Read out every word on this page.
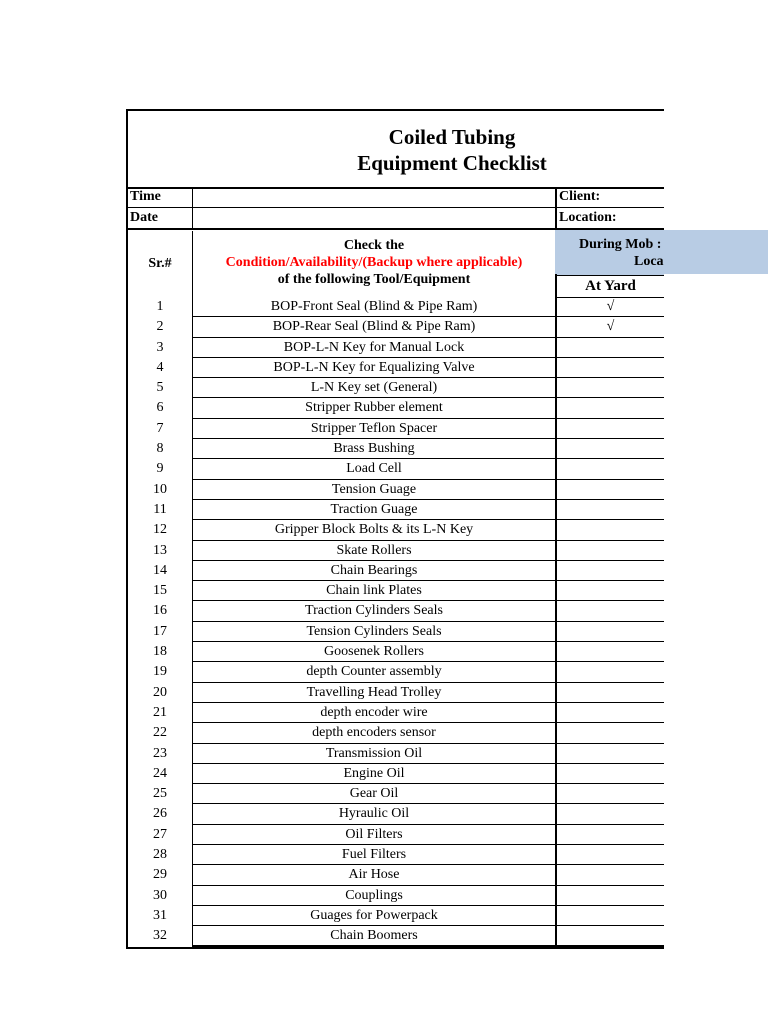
Coiled Tubing
Equipment Checklist
Time	Client:
Date	Location:
Sr.#
Check the
Condition/Availability/(Backup where applicable)
of the following Tool/Equipment	At Yard
1	BOP-Front Seal (Blind & Pipe Ram)	√
2	BOP-Rear Seal (Blind & Pipe Ram)	√
3	BOP-L-N Key for Manual Lock
4	BOP-L-N Key for Equalizing Valve
5	L-N Key set (General)
6	Stripper Rubber element
7	Stripper Teflon Spacer
8	Brass Bushing
9	Load Cell
10	Tension Guage
11	Traction Guage
12	Gripper Block Bolts & its L-N Key
13	Skate Rollers
14	Chain Bearings
15	Chain link Plates
16	Traction Cylinders Seals
17	Tension Cylinders Seals
18	Goosenek Rollers
19	depth Counter assembly
20	Travelling Head Trolley
21	depth encoder wire
22	depth encoders sensor
23	Transmission Oil
24	Engine Oil
25	Gear Oil
26	Hyraulic Oil
27	Oil Filters
28	Fuel Filters
29	Air Hose
30	Couplings
31	Guages for Powerpack
32	Chain Boomers
During Mob :
Loca
